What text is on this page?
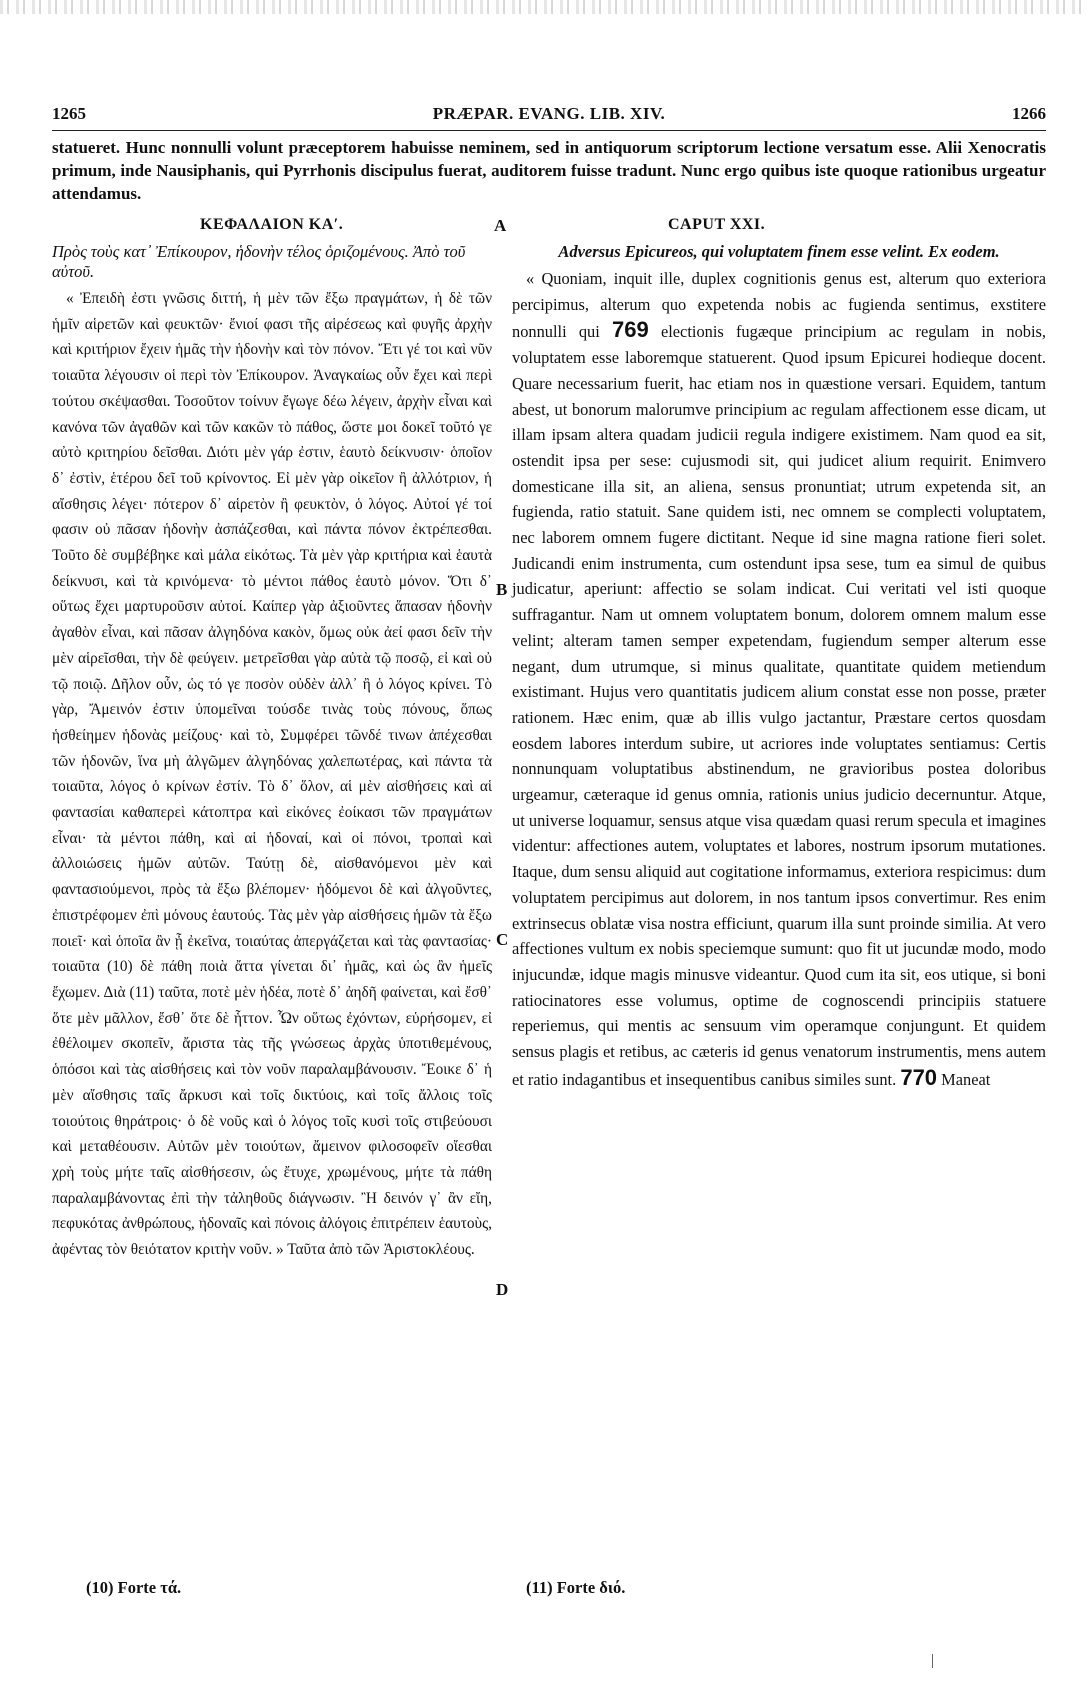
1265	PRÆPAR. EVANG. LIB. XIV.	1266

statueret. Hunc nonnulli volunt præceptorem habuisse neminem, sed in antiquorum scriptorum lectione versatum esse. Alii Xenocratis primum, inde Nausiphanis, qui Pyrrhonis discipulus fuerat, auditorem fuisse tradunt. Nunc ergo quibus iste quoque rationibus urgeatur attendamus.

ΚΕΦΑΛΑΙΟΝ ΚΑ′.	CAPUT XXI.
A
B
C
D

Πρὸς τοὺς κατ᾽ Ἐπίκουρον, ἡδονὴν τέλος ὁριζομένους. Ἀπὸ τοῦ αὐτοῦ.

« Ἐπειδὴ ἐστι γνῶσις διττή, ἡ μὲν τῶν ἔξω πραγμάτων, ἡ δὲ τῶν ἡμῖν αἱρετῶν καὶ φευκτῶν· ἔνιοί φασι τῆς αἱρέσεως καὶ φυγῆς ἀρχὴν καὶ κριτήριον ἔχειν ἡμᾶς τὴν ἡδονὴν καὶ τὸν πόνον. Ἔτι γέ τοι καὶ νῦν τοιαῦτα λέγουσιν οἱ περὶ τὸν Ἐπίκουρον. Ἀναγκαίως οὖν ἔχει καὶ περὶ τούτου σκέψασθαι. Τοσοῦτον τοίνυν ἔγωγε δέω λέγειν, ἀρχὴν εἶναι καὶ κανόνα τῶν ἀγαθῶν καὶ τῶν κακῶν τὸ πάθος, ὥστε μοι δοκεῖ τοῦτό γε αὐτὸ κριτηρίου δεῖσθαι. Διότι μὲν γάρ ἐστιν, ἑαυτὸ δείκνυσιν· ὁποῖον δ᾽ ἐστὶν, ἑτέρου δεῖ τοῦ κρίνοντος. Εἰ μὲν γὰρ οἰκεῖον ἢ ἀλλότριον, ἡ αἴσθησις λέγει· πότερον δ᾽ αἱρετὸν ἢ φευκτὸν, ὁ λόγος. Αὐτοί γέ τοί φασιν οὐ πᾶσαν ἡδονὴν ἀσπάζεσθαι, καὶ πάντα πόνον ἐκτρέπεσθαι. Τοῦτο δὲ συμβέβηκε καὶ μάλα εἰκότως. Τὰ μὲν γὰρ κριτήρια καὶ ἑαυτὰ δείκνυσι, καὶ τὰ κρινόμενα· τὸ μέντοι πάθος ἑαυτὸ μόνον. Ὅτι δ᾽ οὕτως ἔχει μαρτυροῦσιν αὐτοί. Καίπερ γὰρ ἀξιοῦντες ἅπασαν ἡδονὴν ἀγαθὸν εἶναι, καὶ πᾶσαν ἀλγηδόνα κακὸν, ὅμως οὐκ ἀεί φασι δεῖν τὴν μὲν αἱρεῖσθαι, τὴν δὲ φεύγειν. μετρεῖσθαι γὰρ αὐτὰ τῷ ποσῷ, εἰ καὶ οὐ τῷ ποιῷ. Δῆλον οὖν, ὡς τό γε ποσὸν οὐδὲν ἀλλ᾽ ἢ ὁ λόγος κρίνει. Τὸ γὰρ, Ἄμεινόν ἐστιν ὑπομεῖναι τούσδε τινὰς τοὺς πόνους, ὅπως ἡσθείημεν ἡδονὰς μείζους· καὶ τὸ, Συμφέρει τῶνδέ τινων ἀπέχεσθαι τῶν ἡδονῶν, ἵνα μὴ ἀλγῶμεν ἀλγηδόνας χαλεπωτέρας, καὶ πάντα τὰ τοιαῦτα, λόγος ὁ κρίνων ἐστίν. Τὸ δ᾽ ὅλον, αἱ μὲν αἰσθήσεις καὶ αἱ φαντασίαι καθαπερεὶ κάτοπτρα καὶ εἰκόνες ἐοίκασι τῶν πραγμάτων εἶναι· τὰ μέντοι πάθη, καὶ αἱ ἡδοναί, καὶ οἱ πόνοι, τροπαὶ καὶ ἀλλοιώσεις ἡμῶν αὐτῶν. Ταύτῃ δὲ, αἰσθανόμενοι μὲν καὶ φαντασιούμενοι, πρὸς τὰ ἔξω βλέπομεν· ἡδόμενοι δὲ καὶ ἀλγοῦντες, ἐπιστρέφομεν ἐπὶ μόνους ἑαυτούς. Τὰς μὲν γὰρ αἰσθήσεις ἡμῶν τὰ ἔξω ποιεῖ· καὶ ὁποῖα ἂν ᾖ ἐκεῖνα, τοιαύτας ἀπεργάζεται καὶ τὰς φαντασίας· τοιαῦτα (10) δὲ πάθη ποιὰ ἄττα γίνεται δι᾽ ἡμᾶς, καὶ ὡς ἂν ἡμεῖς ἔχωμεν. Διὰ (11) ταῦτα, ποτὲ μὲν ἡδέα, ποτὲ δ᾽ ἀηδῆ φαίνεται, καὶ ἔσθ᾽ ὅτε μὲν μᾶλλον, ἔσθ᾽ ὅτε δὲ ἧττον. Ὧν οὕτως ἐχόντων, εὑρήσομεν, εἰ ἐθέλοιμεν σκοπεῖν, ἄριστα τὰς τῆς γνώσεως ἀρχὰς ὑποτιθεμένους, ὁπόσοι καὶ τὰς αἰσθήσεις καὶ τὸν νοῦν παραλαμβάνουσιν. Ἔοικε δ᾽ ἡ μὲν αἴσθησις ταῖς ἄρκυσι καὶ τοῖς δικτύοις, καὶ τοῖς ἄλλοις τοῖς τοιούτοις θηράτροις· ὁ δὲ νοῦς καὶ ὁ λόγος τοῖς κυσὶ τοῖς στιβεύουσι καὶ μεταθέουσιν. Αὐτῶν μὲν τοιούτων, ἄμεινον φιλοσοφεῖν οἴεσθαι χρὴ τοὺς μήτε ταῖς αἰσθήσεσιν, ὡς ἔτυχε, χρωμένους, μήτε τὰ πάθη παραλαμβάνοντας ἐπὶ τὴν τἀληθοῦς διάγνωσιν. Ἢ δεινόν γ᾽ ἂν εἴη, πεφυκότας ἀνθρώπους, ἡδοναῖς καὶ πόνοις ἀλόγοις ἐπιτρέπειν ἑαυτοὺς, ἀφέντας τὸν θειότατον κριτὴν νοῦν. » Ταῦτα ἀπὸ τῶν Ἀριστοκλέους.

Adversus Epicureos, qui voluptatem finem esse velint. Ex eodem.

« Quoniam, inquit ille, duplex cognitionis genus est, alterum quo exteriora percipimus, alterum quo expetenda nobis ac fugienda sentimus, exstitere nonnulli qui 769 electionis fugæque principium ac regulam in nobis, voluptatem esse laboremque statuerent. Quod ipsum Epicurei hodieque docent. Quare necessarium fuerit, hac etiam nos in quæstione versari. Equidem, tantum abest, ut bonorum malorumve principium ac regulam affectionem esse dicam, ut illam ipsam altera quadam judicii regula indigere existimem. Nam quod ea sit, ostendit ipsa per sese: cujusmodi sit, qui judicet alium requirit. Enimvero domesticane illa sit, an aliena, sensus pronuntiat; utrum expetenda sit, an fugienda, ratio statuit. Sane quidem isti, nec omnem se complecti voluptatem, nec laborem omnem fugere dictitant. Neque id sine magna ratione fieri solet. Judicandi enim instrumenta, cum ostendunt ipsa sese, tum ea simul de quibus judicatur, aperiunt: affectio se solam indicat. Cui veritati vel isti quoque suffragantur. Nam ut omnem voluptatem bonum, dolorem omnem malum esse velint; alteram tamen semper expetendam, fugiendum semper alterum esse negant, dum utrumque, si minus qualitate, quantitate quidem metiendum existimant. Hujus vero quantitatis judicem alium constat esse non posse, præter rationem. Hæc enim, quæ ab illis vulgo jactantur, Præstare certos quosdam eosdem labores interdum subire, ut acriores inde voluptates sentiamus: Certis nonnunquam voluptatibus abstinendum, ne gravioribus postea doloribus urgeamur, cæteraque id genus omnia, rationis unius judicio decernuntur. Atque, ut universe loquamur, sensus atque visa quædam quasi rerum specula et imagines videntur: affectiones autem, voluptates et labores, nostrum ipsorum mutationes. Itaque, dum sensu aliquid aut cogitatione informamus, exteriora respicimus: dum voluptatem percipimus aut dolorem, in nos tantum ipsos convertimur. Res enim extrinsecus oblatæ visa nostra efficiunt, quarum illa sunt proinde similia. At vero affectiones vultum ex nobis speciemque sumunt: quo fit ut jucundæ modo, modo injucundæ, idque magis minusve videantur. Quod cum ita sit, eos utique, si boni ratiocinatores esse volumus, optime de cognoscendi principiis statuere reperiemus, qui mentis ac sensuum vim operamque conjungunt. Et quidem sensus plagis et retibus, ac cæteris id genus venatorum instrumentis, mens autem et ratio indagantibus et insequentibus canibus similes sunt. 770 Maneat

(10) Forte τά.	(11) Forte διό.
